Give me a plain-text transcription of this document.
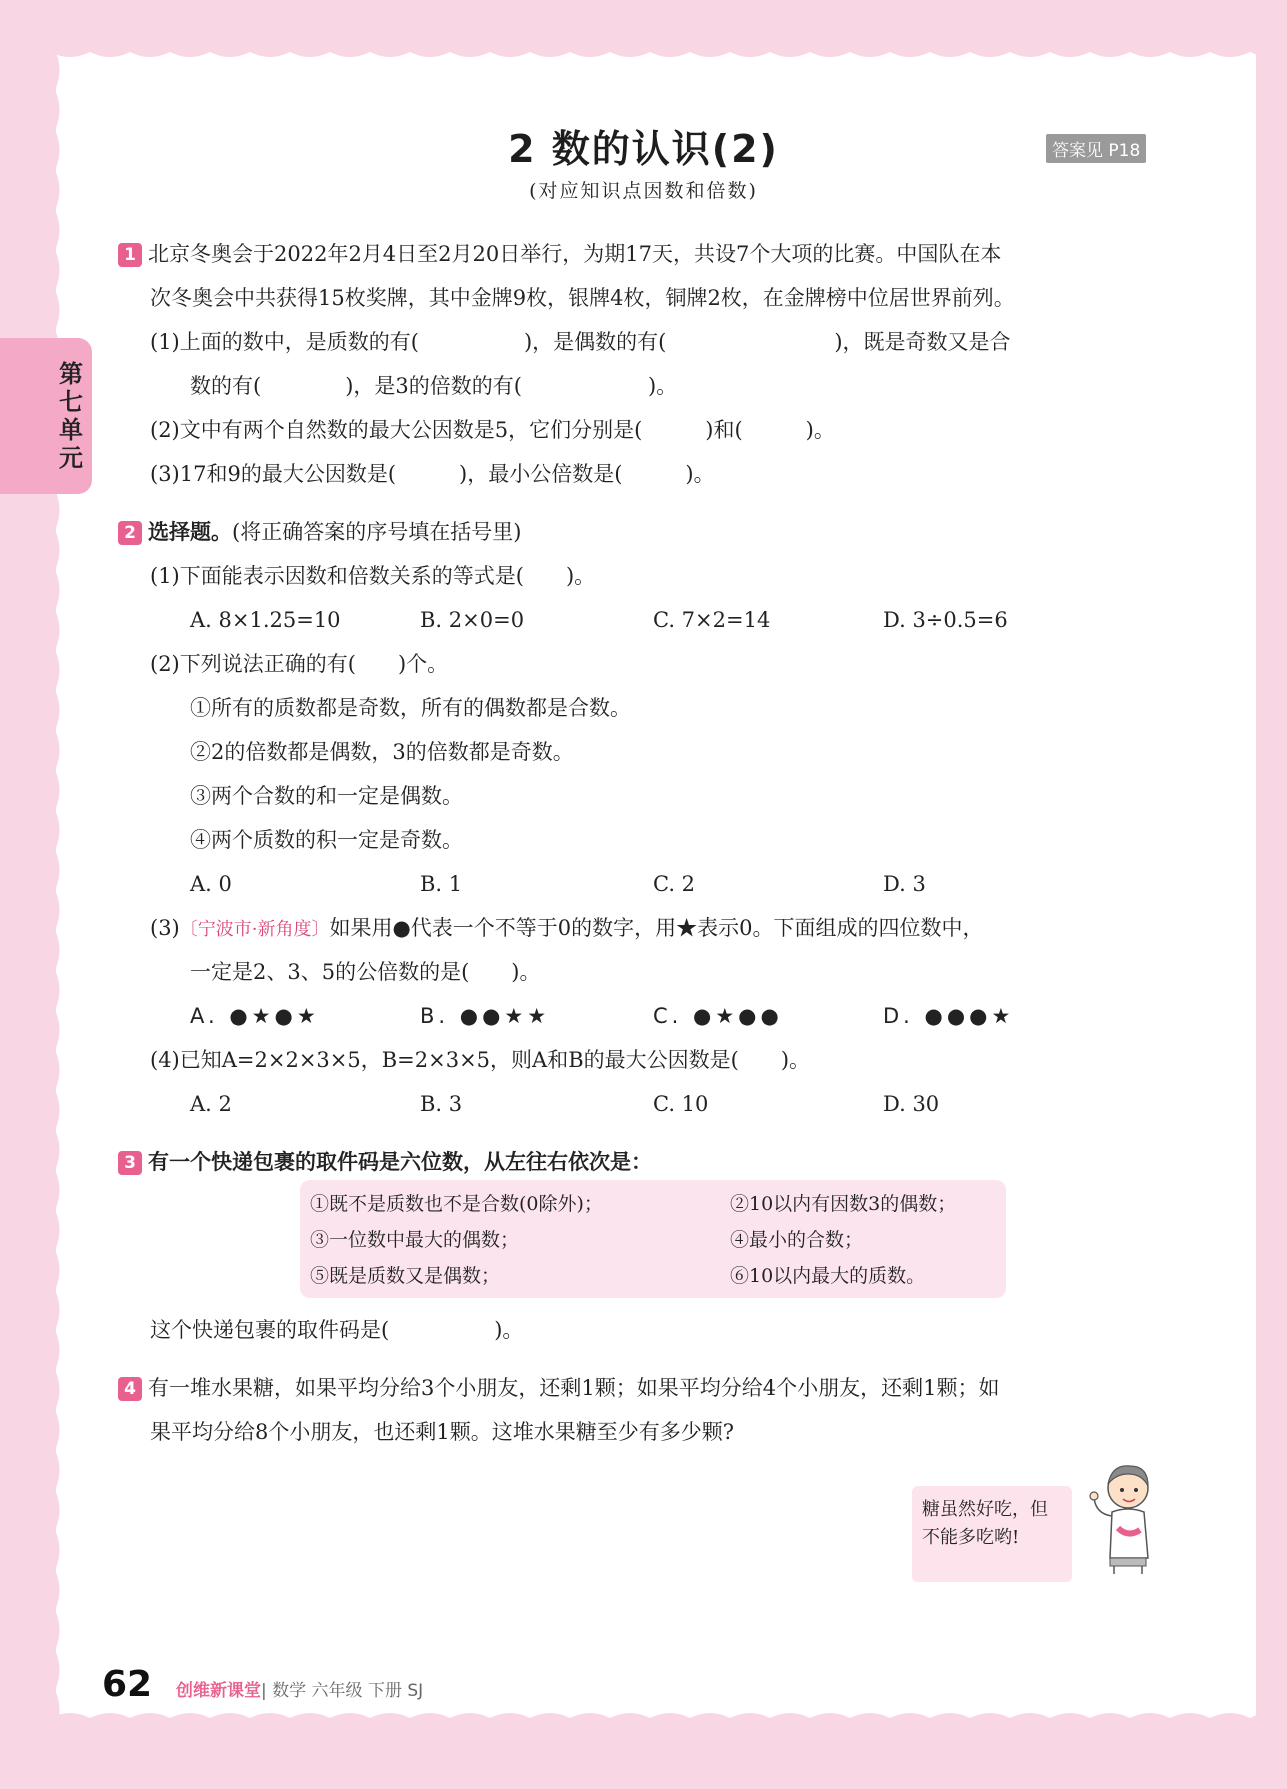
2 数的认识(2)
(对应知识点因数和倍数)
答案见 P18
第七单元
1 北京冬奥会于2022年2月4日至2月20日举行，为期17天，共设7个大项的比赛。中国队在本
次冬奥会中共获得15枚奖牌，其中金牌9枚，银牌4枚，铜牌2枚，在金牌榜中位居世界前列。
(1)上面的数中，是质数的有(　　　　　)，是偶数的有(　　　　　　　　)，既是奇数又是合
数的有(　　　　)，是3的倍数的有(　　　　　　)。
(2)文中有两个自然数的最大公因数是5，它们分别是(　　　)和(　　　)。
(3)17和9的最大公因数是(　　　)，最小公倍数是(　　　)。
2 选择题。(将正确答案的序号填在括号里)
(1)下面能表示因数和倍数关系的等式是(　　)。
A. 8×1.25=10	B. 2×0=0	C. 7×2=14	D. 3÷0.5=6
(2)下列说法正确的有(　　)个。
①所有的质数都是奇数，所有的偶数都是合数。
②2的倍数都是偶数，3的倍数都是奇数。
③两个合数的和一定是偶数。
④两个质数的积一定是奇数。
A. 0	B. 1	C. 2	D. 3
(3)〔宁波市·新角度〕如果用●代表一个不等于0的数字，用★表示0。下面组成的四位数中，
一定是2、3、5的公倍数的是(　　)。
A. ●★●★	B. ●●★★	C. ●★●●	D. ●●●★
(4)已知A=2×2×3×5，B=2×3×5，则A和B的最大公因数是(　　)。
A. 2	B. 3	C. 10	D. 30
3 有一个快递包裹的取件码是六位数，从左往右依次是：
①既不是质数也不是合数(0除外)；	②10以内有因数3的偶数；
③一位数中最大的偶数；	④最小的合数；
⑤既是质数又是偶数；	⑥10以内最大的质数。
这个快递包裹的取件码是(　　　　　)。
4 有一堆水果糖，如果平均分给3个小朋友，还剩1颗；如果平均分给4个小朋友，还剩1颗；如
果平均分给8个小朋友，也还剩1颗。这堆水果糖至少有多少颗?
糖虽然好吃，但
不能多吃哟!
62 创维新课堂| 数学 六年级 下册 SJ
